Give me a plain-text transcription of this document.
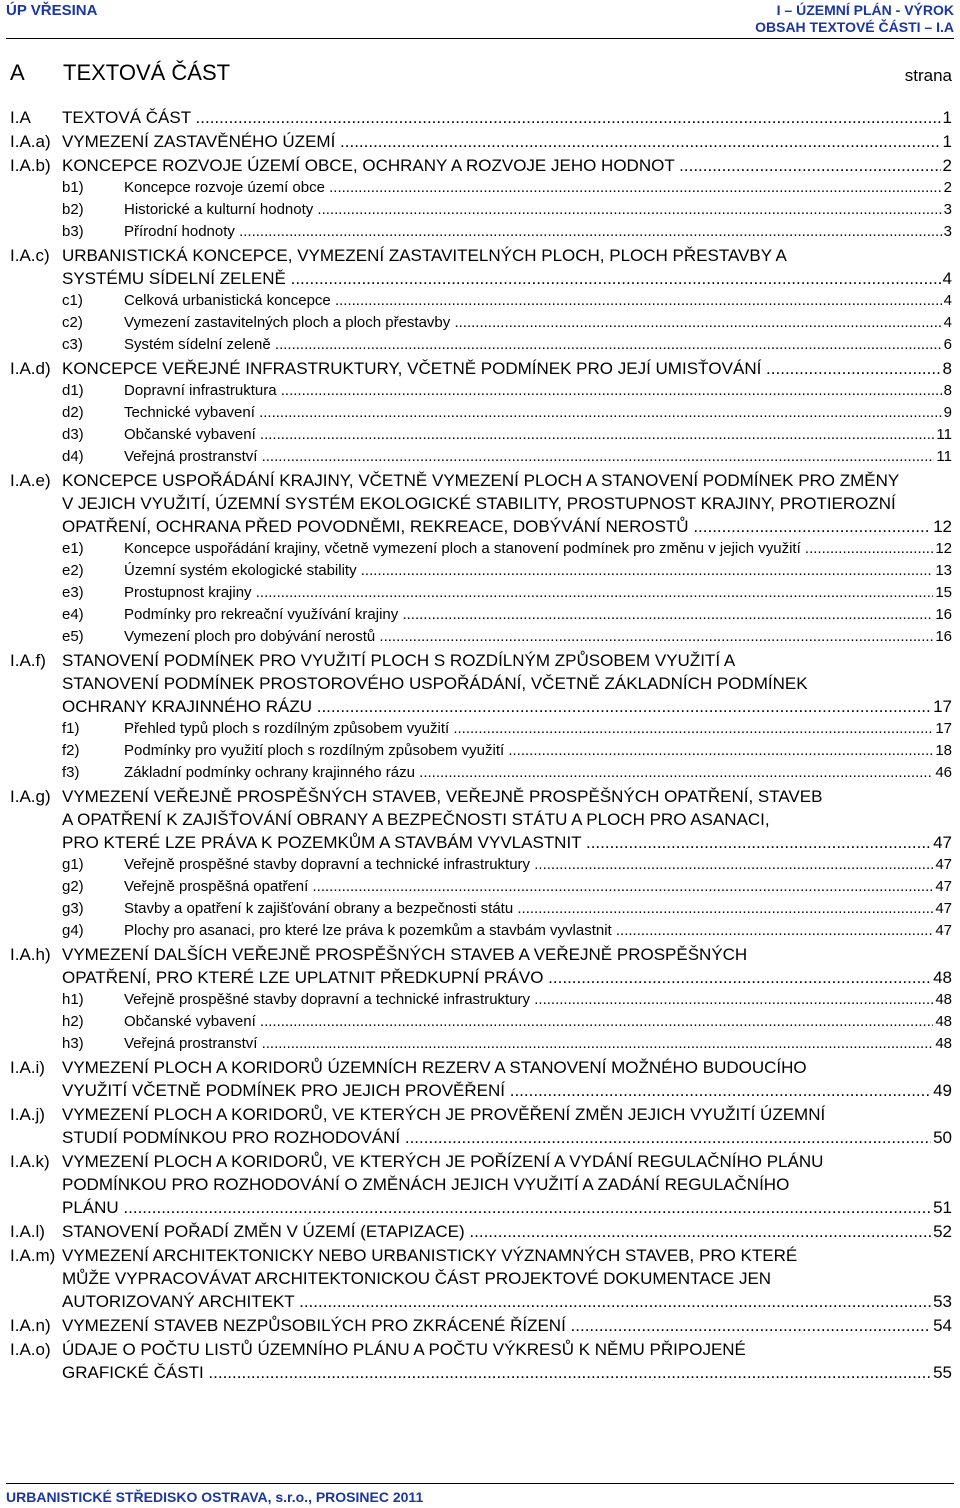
ÚP VŘESINA	I – ÚZEMNÍ PLÁN - VÝROK
OBSAH TEXTOVÉ ČÁSTI – I.A
A TEXTOVÁ ČÁST	strana
I.A TEXTOVÁ ČÁST .....	1
I.A.a) VYMEZENÍ ZASTAVĚNÉHO ÚZEMÍ .....	1
I.A.b) KONCEPCE ROZVOJE ÚZEMÍ OBCE, OCHRANY A ROZVOJE JEHO HODNOT .....	2
b1)	Koncepce rozvoje území obce .....	2
b2)	Historické a kulturní hodnoty .....	3
b3)	Přírodní hodnoty .....	3
I.A.c) URBANISTICKÁ KONCEPCE, VYMEZENÍ ZASTAVITELNÝCH PLOCH, PLOCH PŘESTAVBY A
SYSTÉMU SÍDELNÍ ZELENĚ .....	4
c1)	Celková urbanistická koncepce .....	4
c2)	Vymezení zastavitelných ploch a ploch přestavby .....	4
c3)	Systém sídelní zeleně .....	6
I.A.d) KONCEPCE VEŘEJNÉ INFRASTRUKTURY, VČETNĚ PODMÍNEK PRO JEJÍ UMISŤOVÁNÍ .....	8
d1)	Dopravní infrastruktura .....	8
d2)	Technické vybavení .....	9
d3)	Občanské vybavení .....	11
d4)	Veřejná prostranství .....	11
I.A.e) KONCEPCE USPOŘÁDÁNÍ KRAJINY, VČETNĚ VYMEZENÍ PLOCH A STANOVENÍ PODMÍNEK PRO ZMĚNY
V JEJICH VYUŽITÍ, ÚZEMNÍ SYSTÉM EKOLOGICKÉ STABILITY, PROSTUPNOST KRAJINY, PROTIEROZNÍ
OPATŘENÍ, OCHRANA PŘED POVODNĚMI, REKREACE, DOBÝVÁNÍ NEROSTŮ .....	12
e1)	Koncepce uspořádání krajiny, včetně vymezení ploch a stanovení podmínek pro změnu v jejich využití .....	12
e2)	Územní systém ekologické stability .....	13
e3)	Prostupnost krajiny .....	15
e4)	Podmínky pro rekreační využívání krajiny .....	16
e5)	Vymezení ploch pro dobývání nerostů .....	16
I.A.f) STANOVENÍ PODMÍNEK PRO VYUŽITÍ PLOCH S ROZDÍLNÝM ZPŮSOBEM VYUŽITÍ A
STANOVENÍ PODMÍNEK PROSTOROVÉHO USPOŘÁDÁNÍ, VČETNĚ ZÁKLADNÍCH PODMÍNEK
OCHRANY KRAJINNÉHO RÁZU .....	17
f1)	Přehled typů ploch s rozdílným způsobem využití .....	17
f2)	Podmínky pro využití ploch s rozdílným způsobem využití .....	18
f3)	Základní podmínky ochrany krajinného rázu .....	46
I.A.g) VYMEZENÍ VEŘEJNĚ PROSPĚŠNÝCH STAVEB, VEŘEJNĚ PROSPĚŠNÝCH OPATŘENÍ, STAVEB
A OPATŘENÍ K ZAJIŠŤOVÁNÍ OBRANY A BEZPEČNOSTI STÁTU A PLOCH PRO ASANACI,
PRO KTERÉ LZE PRÁVA K POZEMKŮM A STAVBÁM VYVLASTNIT .....	47
g1)	Veřejně prospěšné stavby dopravní a technické infrastruktury .....	47
g2)	Veřejně prospěšná opatření .....	47
g3)	Stavby a opatření k zajišťování obrany a bezpečnosti státu .....	47
g4)	Plochy pro asanaci, pro které lze práva k pozemkům a stavbám vyvlastnit .....	47
I.A.h) VYMEZENÍ DALŠÍCH VEŘEJNĚ PROSPĚŠNÝCH STAVEB A VEŘEJNĚ PROSPĚŠNÝCH
OPATŘENÍ, PRO KTERÉ LZE UPLATNIT PŘEDKUPNÍ PRÁVO .....	48
h1)	Veřejně prospěšné stavby dopravní a technické infrastruktury .....	48
h2)	Občanské vybavení .....	48
h3)	Veřejná prostranství .....	48
I.A.i) VYMEZENÍ PLOCH A KORIDORŮ ÚZEMNÍCH REZERV A STANOVENÍ MOŽNÉHO BUDOUCÍHO
VYUŽITÍ VČETNĚ PODMÍNEK PRO JEJICH PROVĚŘENÍ .....	49
I.A.j) VYMEZENÍ PLOCH A KORIDORŮ, VE KTERÝCH JE PROVĚŘENÍ ZMĚN JEJICH VYUŽITÍ ÚZEMNÍ
STUDIÍ PODMÍNKOU PRO ROZHODOVÁNÍ .....	50
I.A.k) VYMEZENÍ PLOCH A KORIDORŮ, VE KTERÝCH JE POŘÍZENÍ A VYDÁNÍ REGULAČNÍHO PLÁNU
PODMÍNKOU PRO ROZHODOVÁNÍ O ZMĚNÁCH JEJICH VYUŽITÍ A ZADÁNÍ REGULAČNÍHO
PLÁNU .....	51
I.A.l) STANOVENÍ POŘADÍ ZMĚN V ÚZEMÍ (ETAPIZACE) .....	52
I.A.m) VYMEZENÍ ARCHITEKTONICKY NEBO URBANISTICKY VÝZNAMNÝCH STAVEB, PRO KTERÉ
MŮŽE VYPRACOVÁVAT ARCHITEKTONICKOU ČÁST PROJEKTOVÉ DOKUMENTACE JEN
AUTORIZOVANÝ ARCHITEKT .....	53
I.A.n) VYMEZENÍ STAVEB NEZPŮSOBILÝCH PRO ZKRÁCENÉ ŘÍZENÍ .....	54
I.A.o) ÚDAJE O POČTU LISTŮ ÚZEMNÍHO PLÁNU A POČTU VÝKRESŮ K NĚMU PŘIPOJENÉ
GRAFICKÉ ČÁSTI .....	55
URBANISTICKÉ STŘEDISKO OSTRAVA, s.r.o., PROSINEC 2011
